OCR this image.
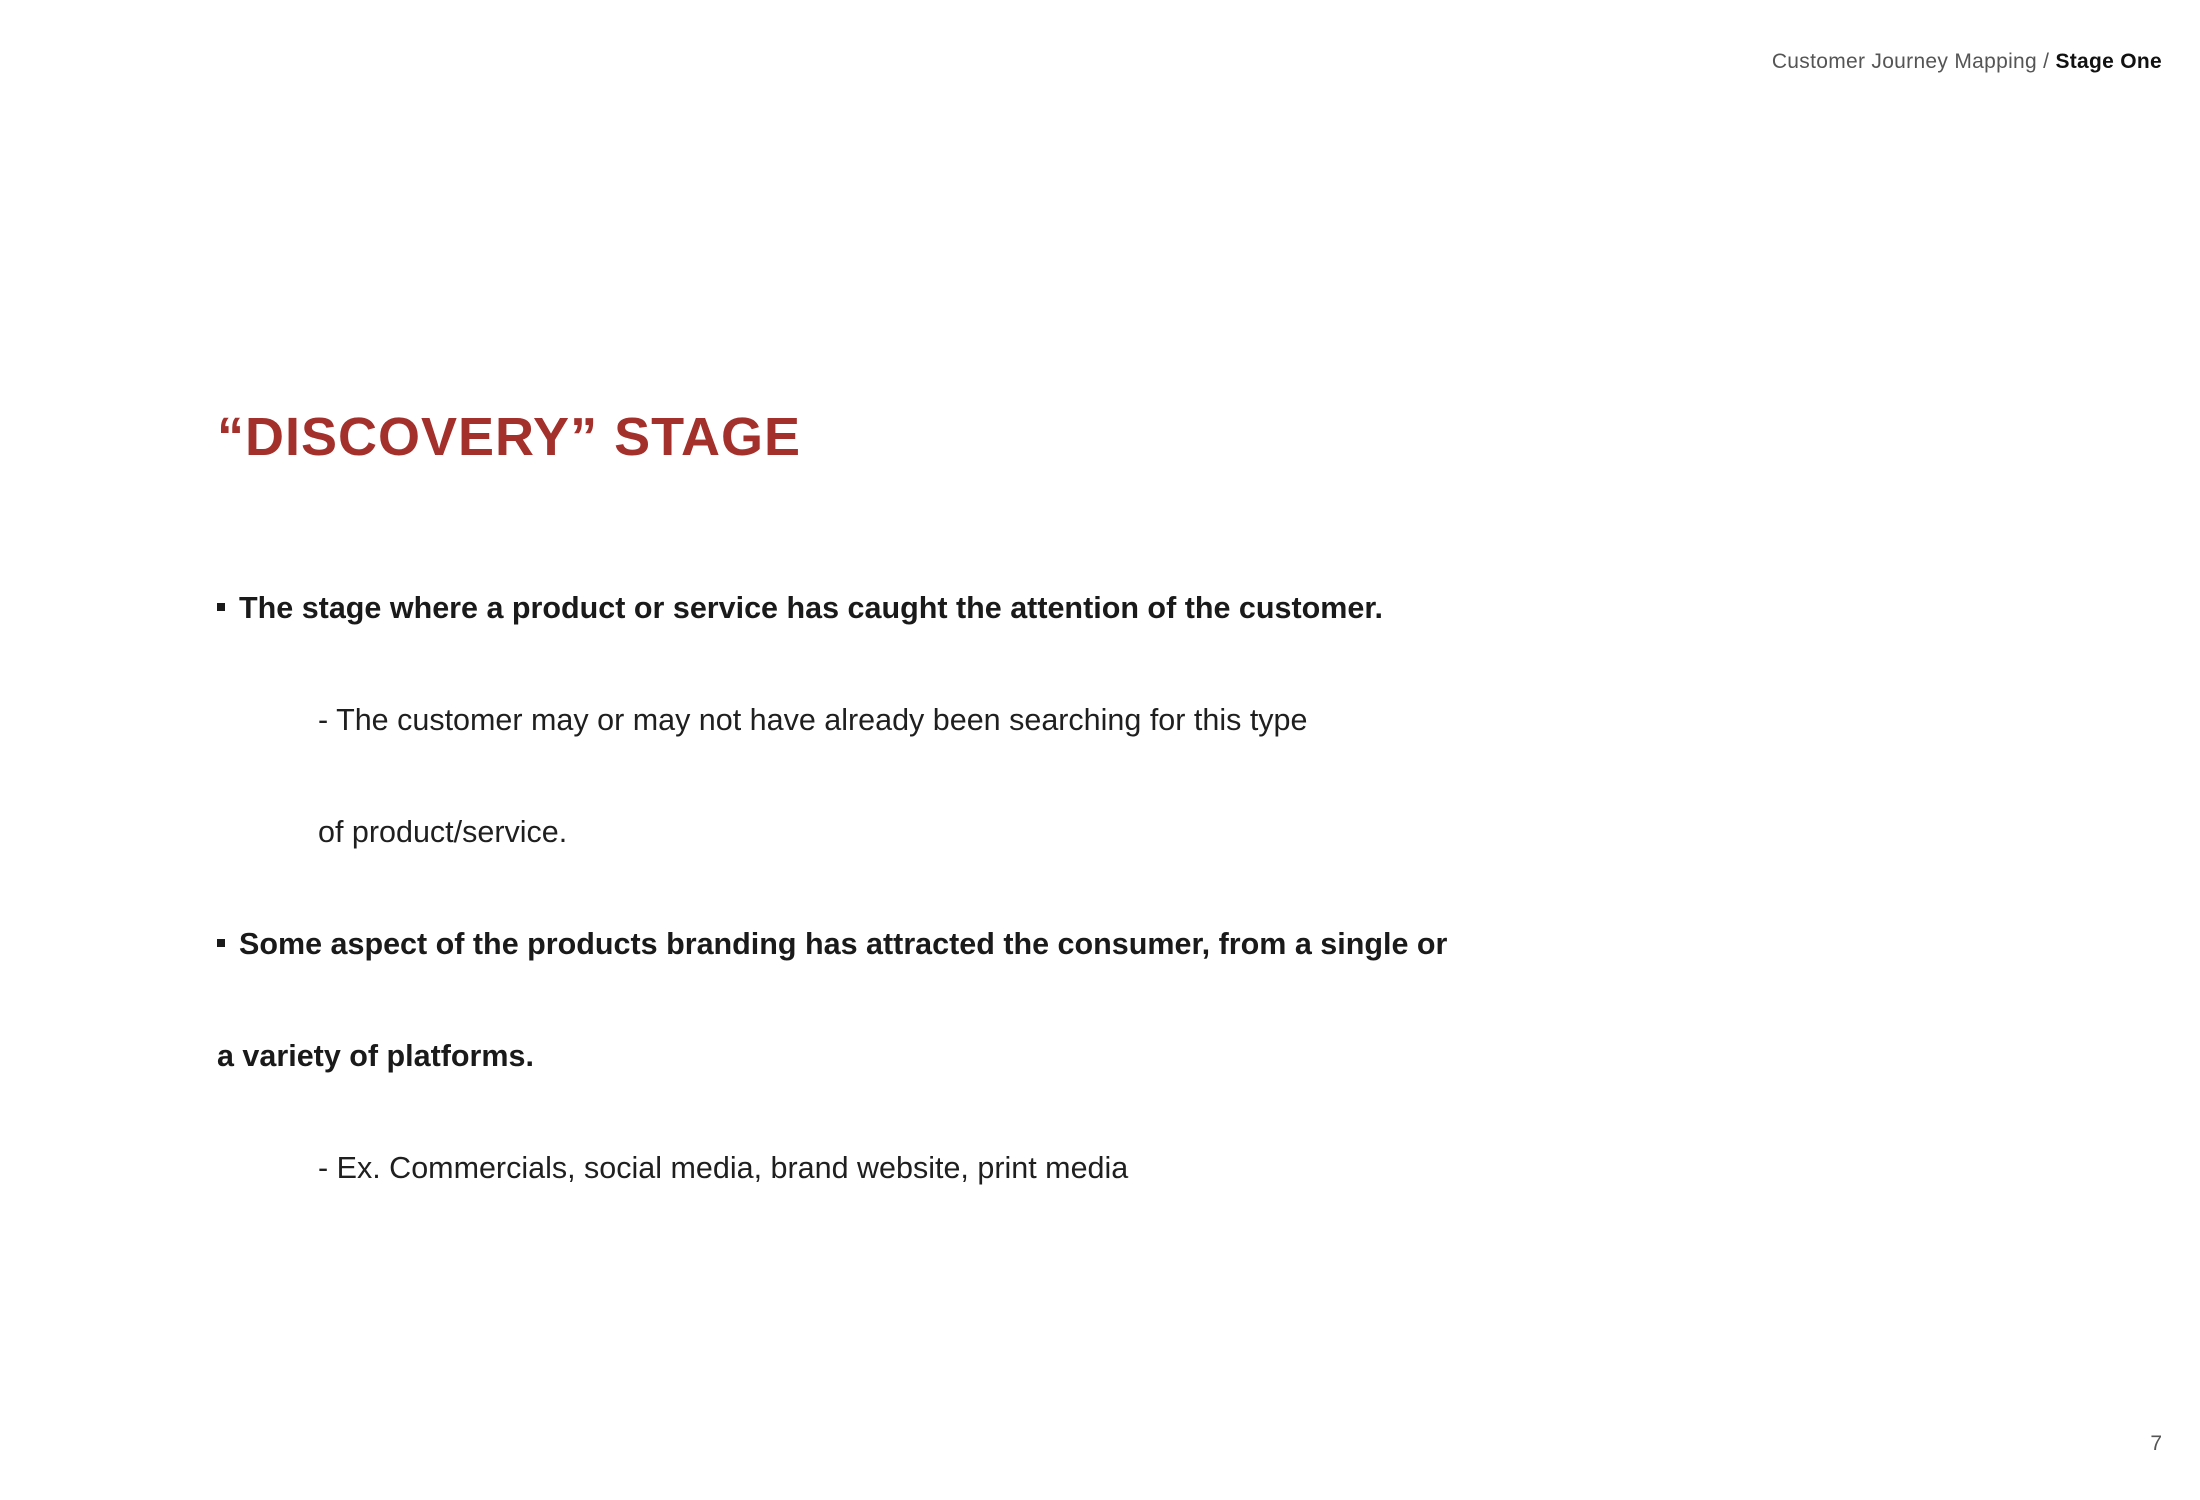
Customer Journey Mapping / Stage One
“DISCOVERY” STAGE

The stage where a product or service has caught the attention of the customer.

- The customer may or may not have already been searching for this type

of product/service.

Some aspect of the products branding has attracted the consumer, from a single or

a variety of platforms.

- Ex. Commercials, social media, brand website, print media

7
